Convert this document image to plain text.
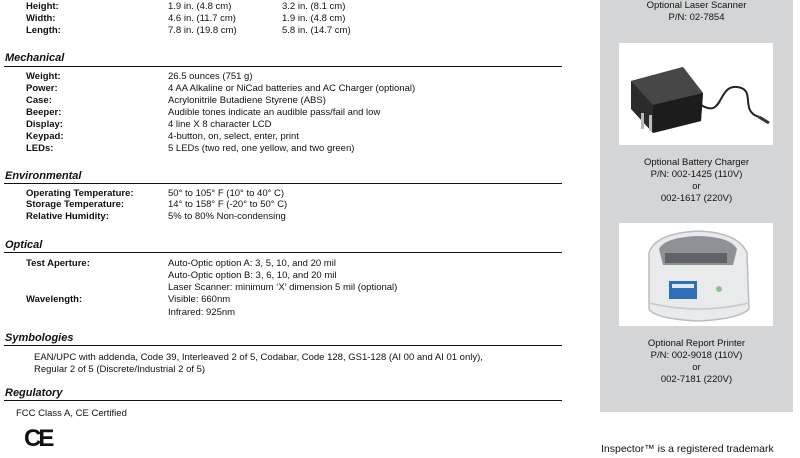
Height:	1.9 in. (4.8 cm)	3.2 in. (8.1 cm)
Width:	4.6 in. (11.7 cm)	1.9 in. (4.8 cm)
Length:	7.8 in. (19.8 cm)	5.8 in. (14.7 cm)
Mechanical
Weight:	26.5 ounces (751 g)
Power:	4 AA Alkaline or NiCad batteries and AC Charger (optional)
Case:	Acrylonitrile Butadiene Styrene (ABS)
Beeper:	Audible tones indicate an audible pass/fail and low
Display:	4 line X 8 character LCD
Keypad:	4-button, on, select, enter, print
LEDs:	5 LEDs (two red, one yellow, and two green)
Environmental
Operating Temperature:	50° to 105° F (10° to 40° C)
Storage Temperature:	14° to 158° F (-20° to 50° C)
Relative Humidity:	5% to 80% Non-condensing
Optical
Test Aperture:	Auto-Optic option A: 3, 5, 10, and 20 mil
Auto-Optic option B: 3, 6, 10, and 20 mil
Laser Scanner: minimum ‘X’ dimension 5 mil (optional)
Wavelength:	Visible: 660nm
Infrared: 925nm
Symbologies
EAN/UPC with addenda, Code 39, Interleaved 2 of 5, Codabar, Code 128, GS1-128 (AI 00 and AI 01 only),
Regular 2 of 5 (Discrete/Industrial 2 of 5)
Regulatory
FCC Class A, CE Certified
CE
Optional Laser Scanner
P/N: 02-7854
Optional Battery Charger
P/N: 002-1425 (110V)
or
002-1617 (220V)
Optional Report Printer
P/N: 002-9018 (110V)
or
002-7181 (220V)
Inspector™ is a registered trademark
